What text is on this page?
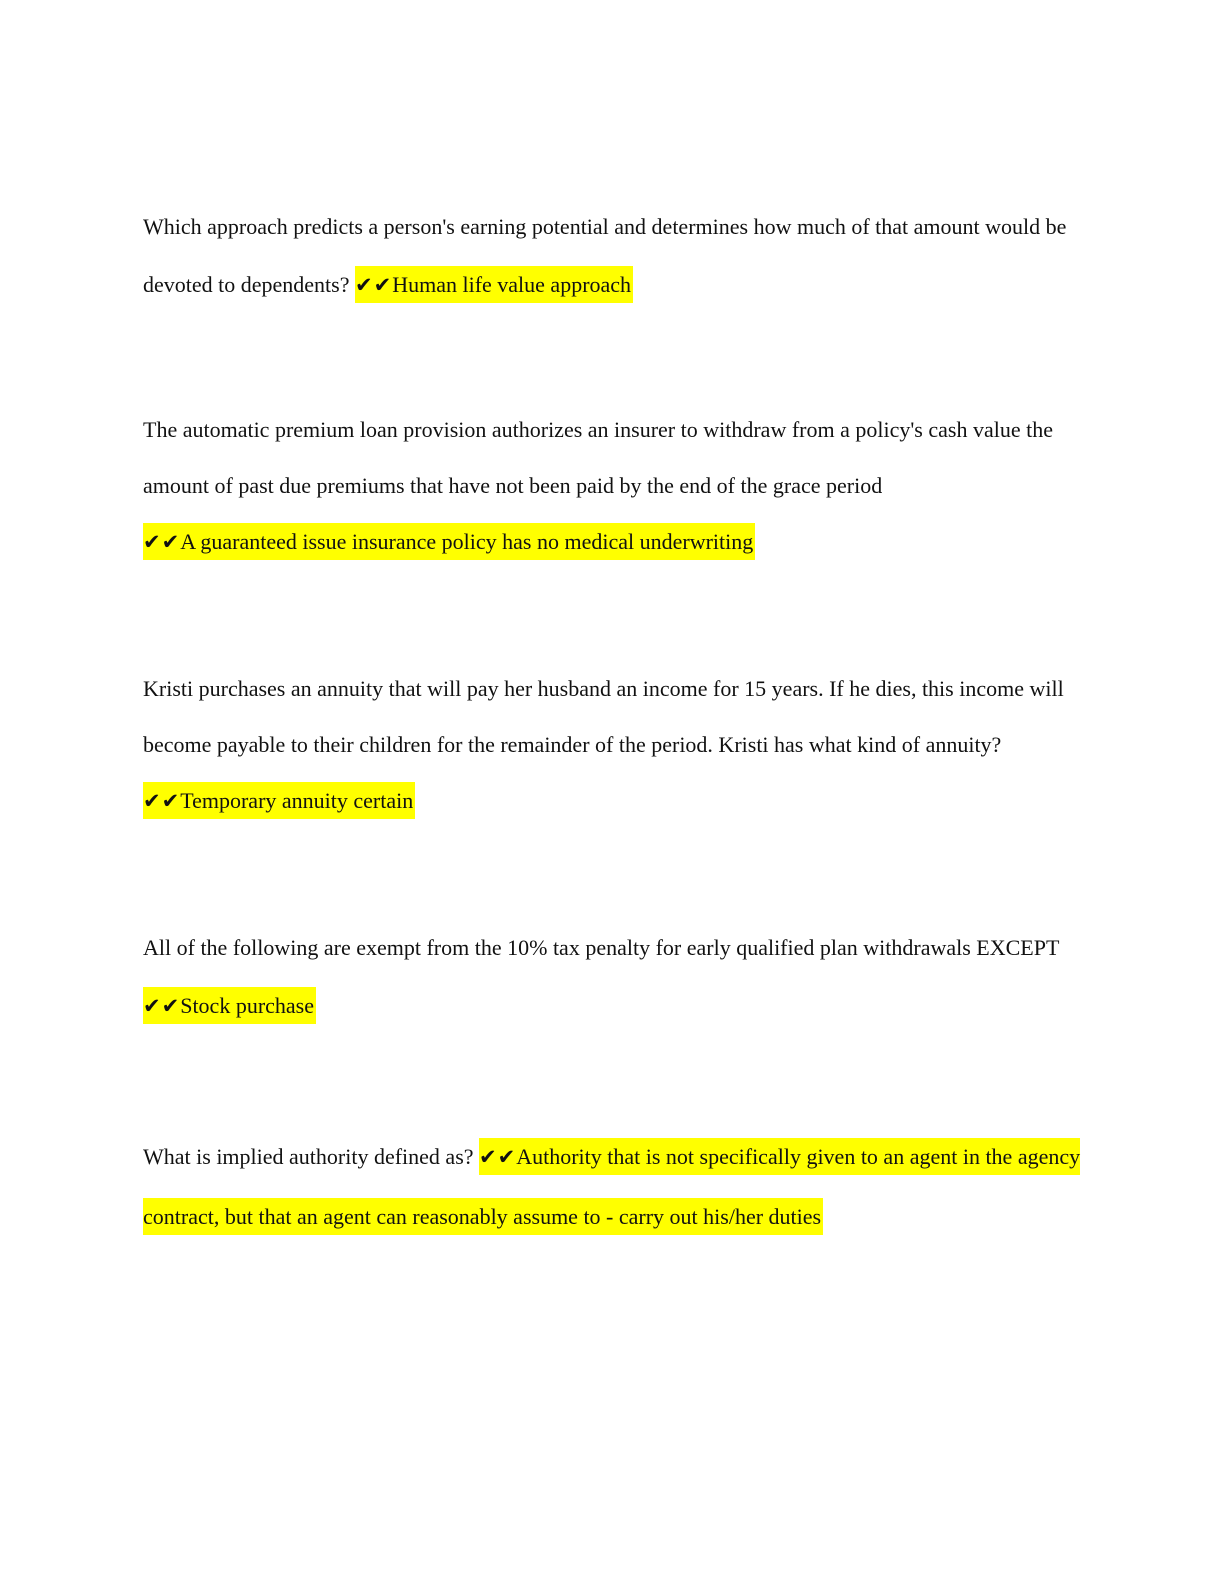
Which approach predicts a person's earning potential and determines how much of that amount would be devoted to dependents? ✔✔Human life value approach
The automatic premium loan provision authorizes an insurer to withdraw from a policy's cash value the amount of past due premiums that have not been paid by the end of the grace period
✔✔A guaranteed issue insurance policy has no medical underwriting
Kristi purchases an annuity that will pay her husband an income for 15 years. If he dies, this income will become payable to their children for the remainder of the period. Kristi has what kind of annuity? ✔✔Temporary annuity certain
All of the following are exempt from the 10% tax penalty for early qualified plan withdrawals EXCEPT ✔✔Stock purchase
What is implied authority defined as? ✔✔Authority that is not specifically given to an agent in the agency contract, but that an agent can reasonably assume to - carry out his/her duties
